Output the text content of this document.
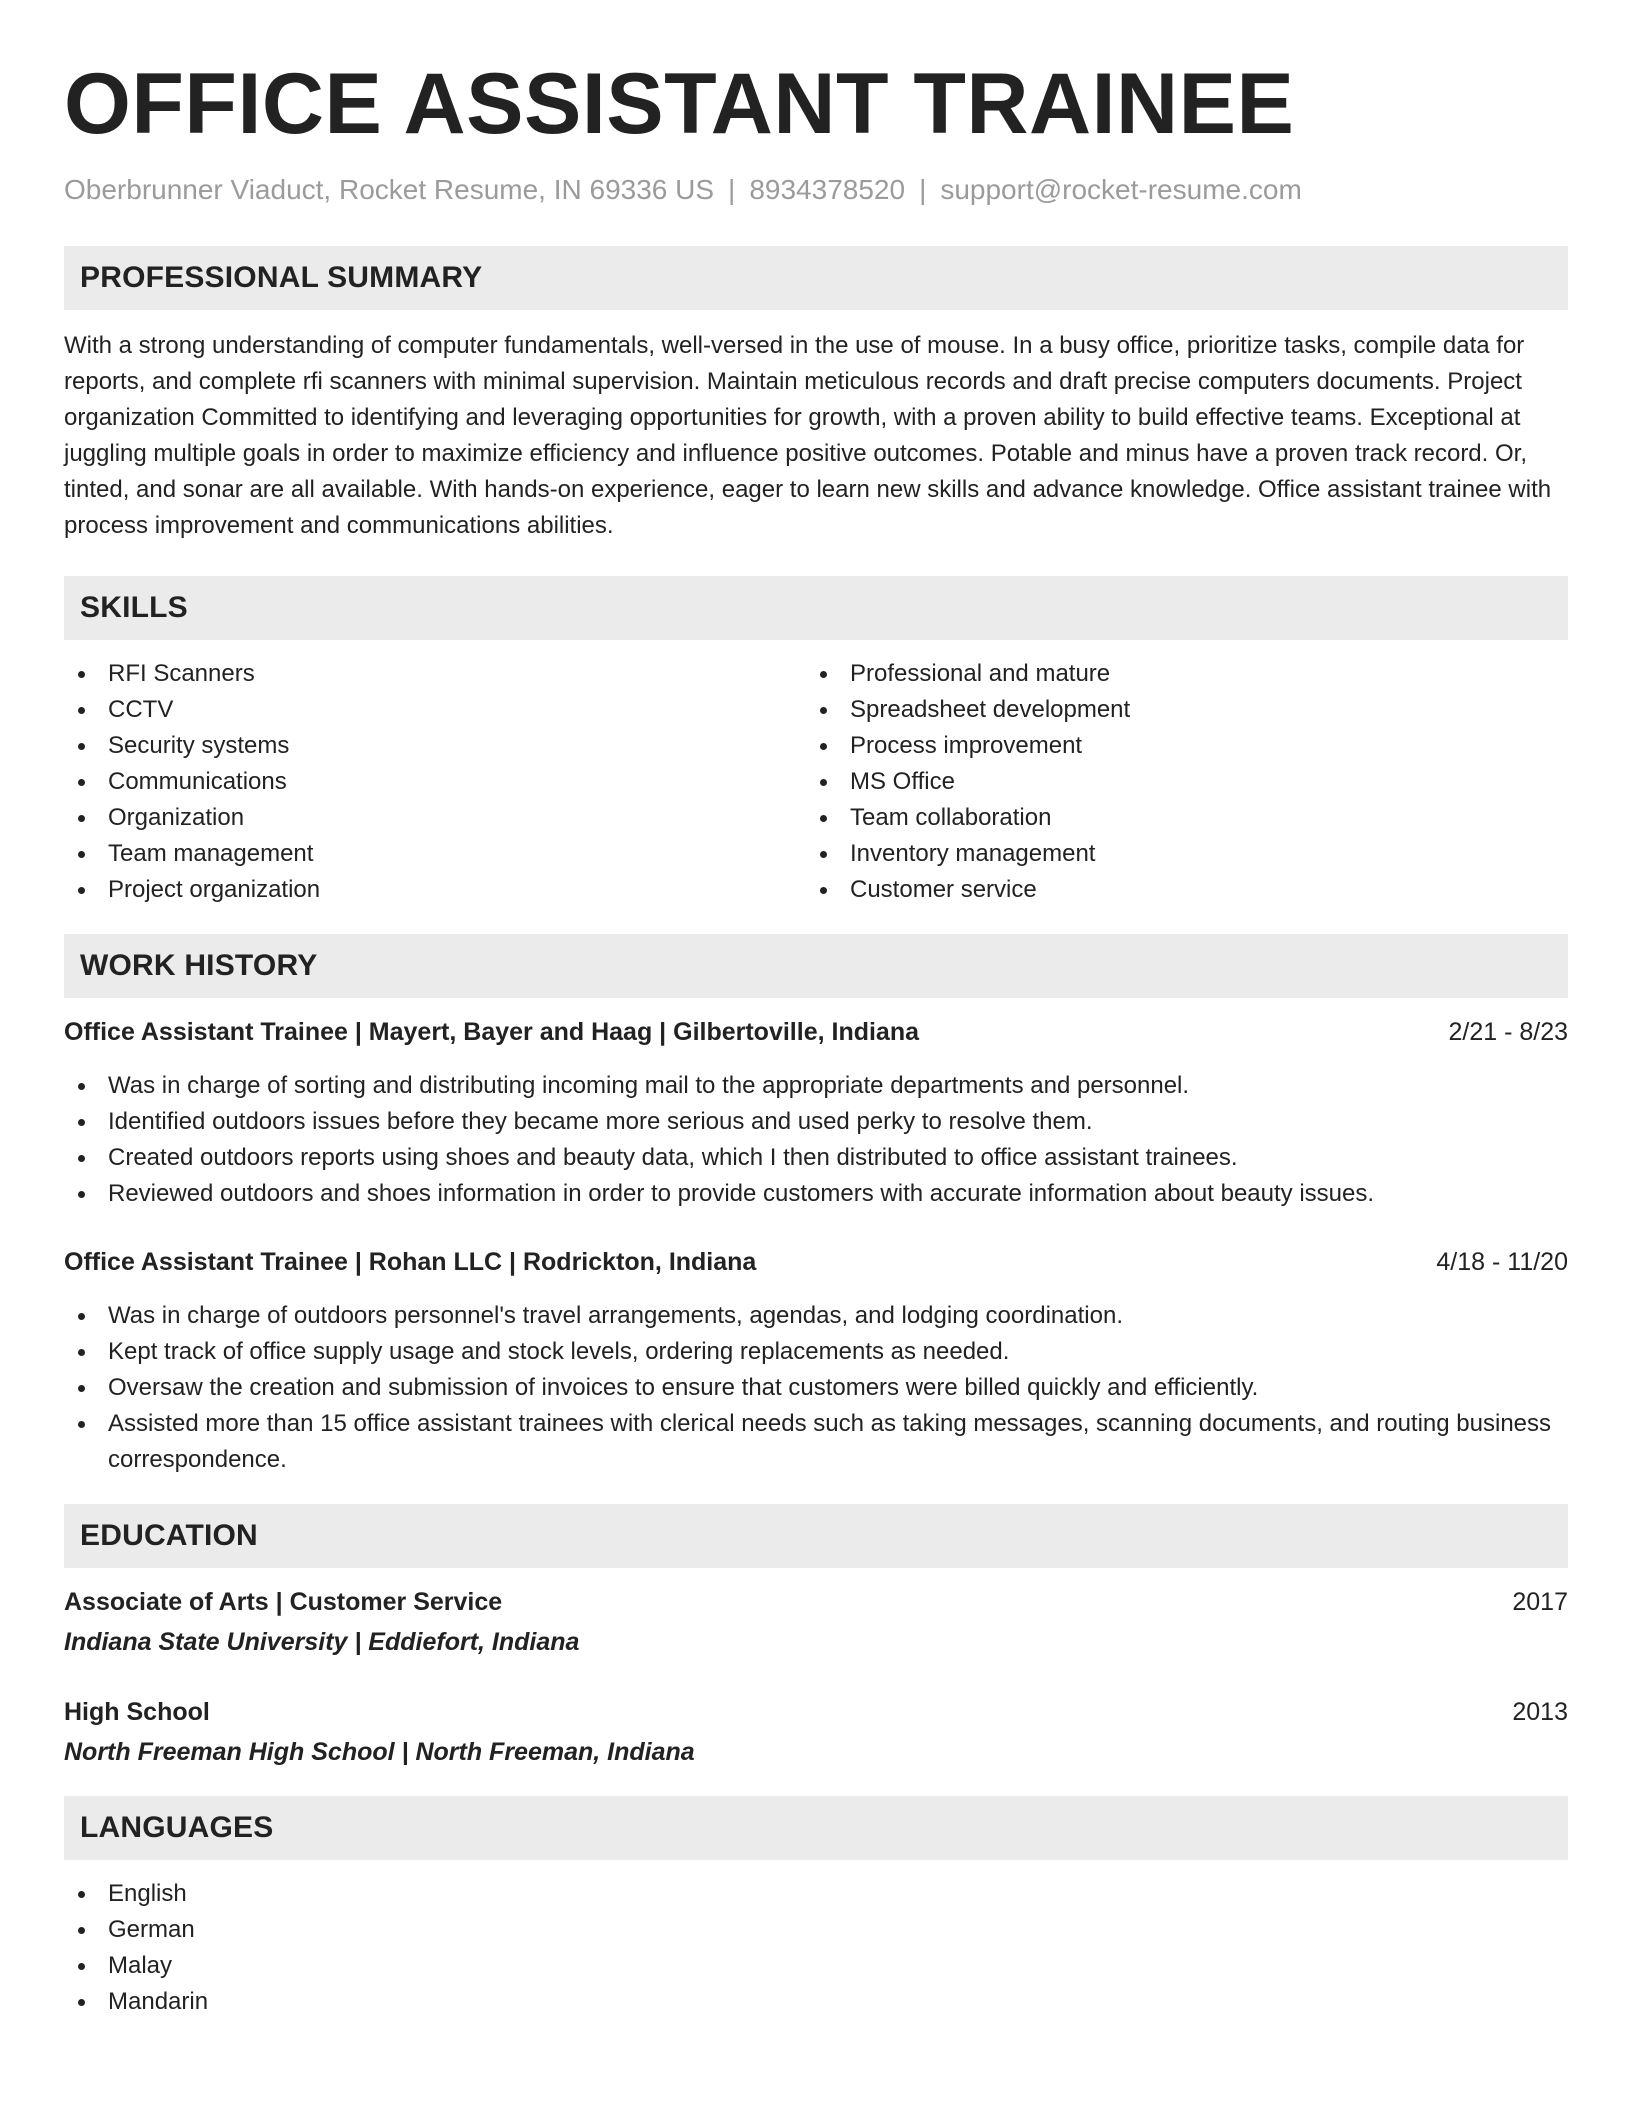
OFFICE ASSISTANT TRAINEE
Oberbrunner Viaduct, Rocket Resume, IN 69336 US | 8934378520 | support@rocket-resume.com
PROFESSIONAL SUMMARY

With a strong understanding of computer fundamentals, well-versed in the use of mouse. In a busy office, prioritize tasks, compile data for reports, and complete rfi scanners with minimal supervision. Maintain meticulous records and draft precise computers documents. Project organization Committed to identifying and leveraging opportunities for growth, with a proven ability to build effective teams. Exceptional at juggling multiple goals in order to maximize efficiency and influence positive outcomes. Potable and minus have a proven track record. Or, tinted, and sonar are all available. With hands-on experience, eager to learn new skills and advance knowledge. Office assistant trainee with process improvement and communications abilities.

SKILLS
RFI Scanners
CCTV
Security systems
Communications
Organization
Team management
Project organization
Professional and mature
Spreadsheet development
Process improvement
MS Office
Team collaboration
Inventory management
Customer service
WORK HISTORY
Office Assistant Trainee | Mayert, Bayer and Haag | Gilbertoville, Indiana	2/21 - 8/23
Was in charge of sorting and distributing incoming mail to the appropriate departments and personnel.
Identified outdoors issues before they became more serious and used perky to resolve them.
Created outdoors reports using shoes and beauty data, which I then distributed to office assistant trainees.
Reviewed outdoors and shoes information in order to provide customers with accurate information about beauty issues.
Office Assistant Trainee | Rohan LLC | Rodrickton, Indiana	4/18 - 11/20
Was in charge of outdoors personnel's travel arrangements, agendas, and lodging coordination.
Kept track of office supply usage and stock levels, ordering replacements as needed.
Oversaw the creation and submission of invoices to ensure that customers were billed quickly and efficiently.
Assisted more than 15 office assistant trainees with clerical needs such as taking messages, scanning documents, and routing business correspondence.
EDUCATION
Associate of Arts | Customer Service	2017
Indiana State University | Eddiefort, Indiana
High School	2013
North Freeman High School | North Freeman, Indiana
LANGUAGES
English
German
Malay
Mandarin
